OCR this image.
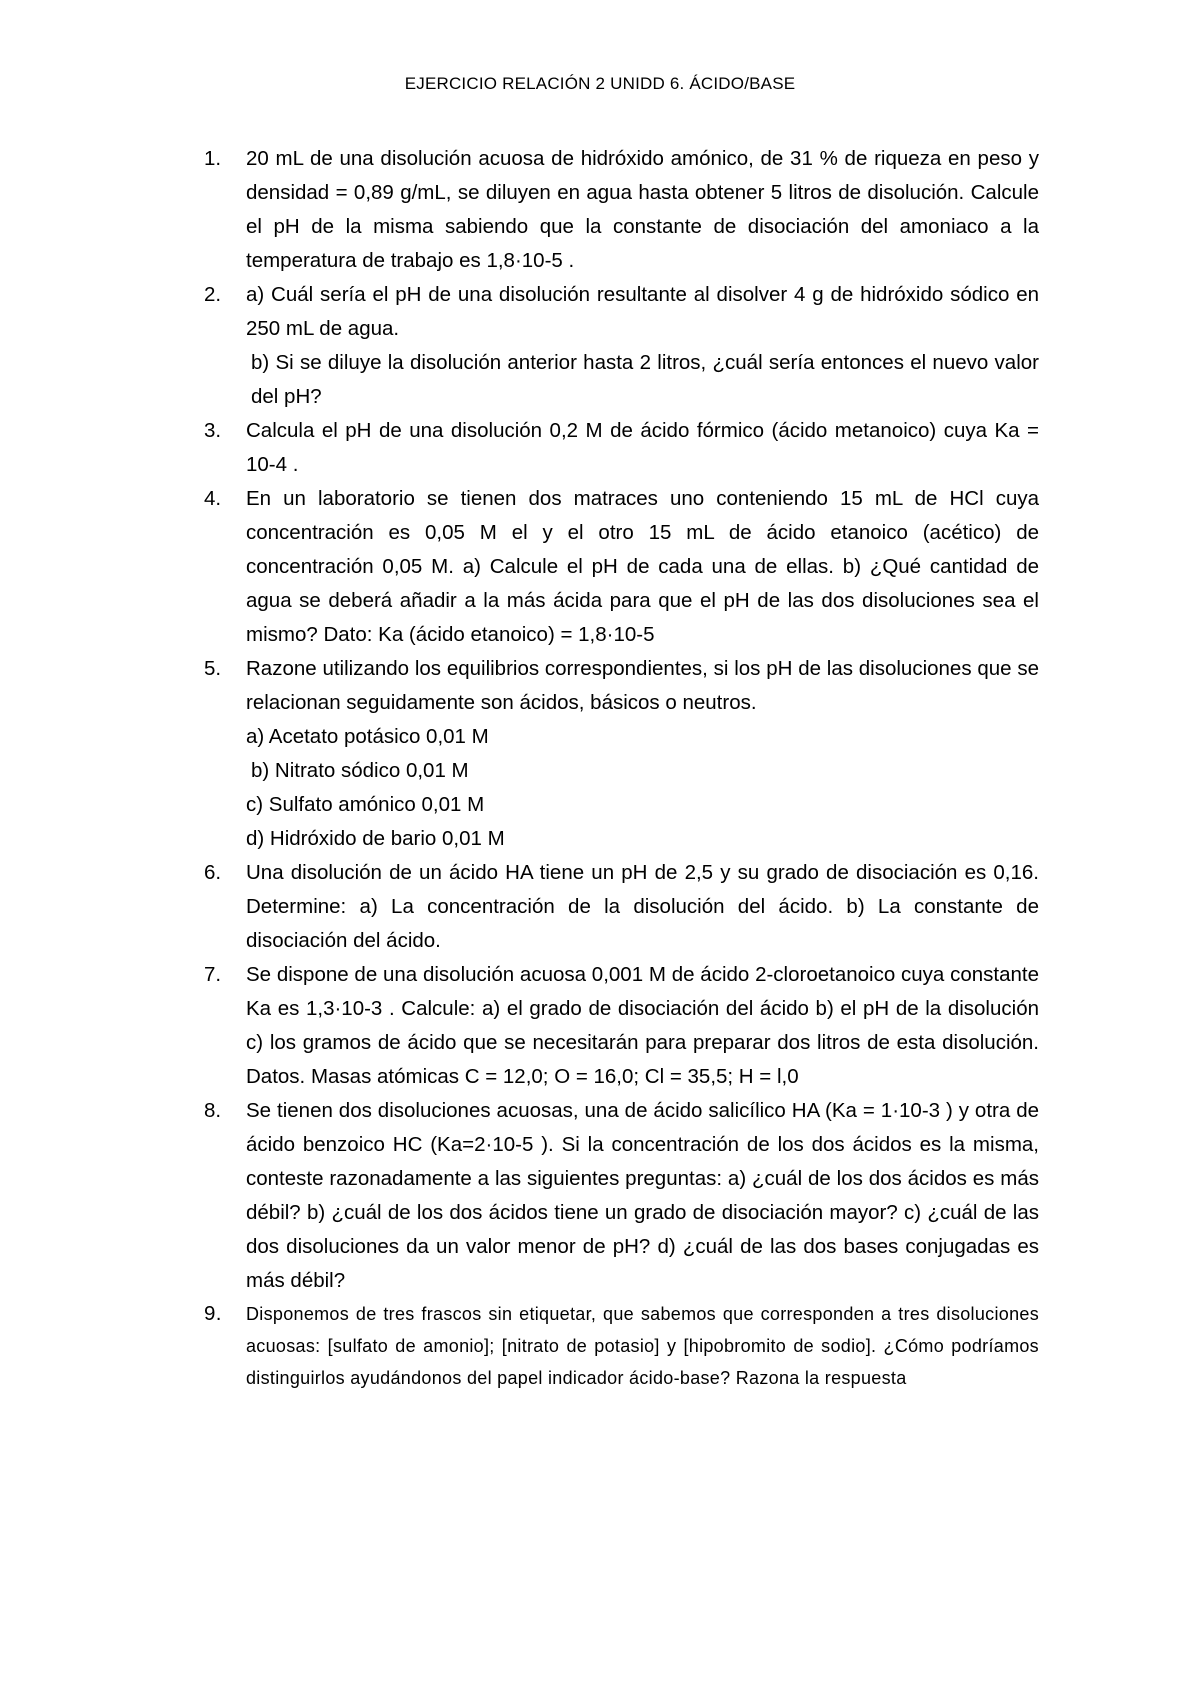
EJERCICIO RELACIÓN 2 UNIDD 6. ÁCIDO/BASE
1. 20 mL de una disolución acuosa de hidróxido amónico, de 31 % de riqueza en peso y densidad = 0,89 g/mL, se diluyen en agua hasta obtener 5 litros de disolución. Calcule el pH de la misma sabiendo que la constante de disociación del amoniaco a la temperatura de trabajo es 1,8·10-5 .
2. a) Cuál sería el pH de una disolución resultante al disolver 4 g de hidróxido sódico en 250 mL de agua.
b) Si se diluye la disolución anterior hasta 2 litros, ¿cuál sería entonces el nuevo valor del pH?
3. Calcula el pH de una disolución 0,2 M de ácido fórmico (ácido metanoico) cuya Ka = 10-4 .
4. En un laboratorio se tienen dos matraces uno conteniendo 15 mL de HCl cuya concentración es 0,05 M el y el otro 15 mL de ácido etanoico (acético) de concentración 0,05 M. a) Calcule el pH de cada una de ellas. b) ¿Qué cantidad de agua se deberá añadir a la más ácida para que el pH de las dos disoluciones sea el mismo? Dato: Ka (ácido etanoico) = 1,8·10-5
5. Razone utilizando los equilibrios correspondientes, si los pH de las disoluciones que se relacionan seguidamente son ácidos, básicos o neutros.
a) Acetato potásico 0,01 M
b) Nitrato sódico 0,01 M
c) Sulfato amónico 0,01 M
d) Hidróxido de bario 0,01 M
6. Una disolución de un ácido HA tiene un pH de 2,5 y su grado de disociación es 0,16. Determine: a) La concentración de la disolución del ácido. b) La constante de disociación del ácido.
7. Se dispone de una disolución acuosa 0,001 M de ácido 2-cloroetanoico cuya constante Ka es 1,3·10-3 . Calcule: a) el grado de disociación del ácido b) el pH de la disolución c) los gramos de ácido que se necesitarán para preparar dos litros de esta disolución. Datos. Masas atómicas C = 12,0; O = 16,0; Cl = 35,5; H = l,0
8. Se tienen dos disoluciones acuosas, una de ácido salicílico HA (Ka = 1·10-3 ) y otra de ácido benzoico HC (Ka=2·10-5 ). Si la concentración de los dos ácidos es la misma, conteste razonadamente a las siguientes preguntas: a) ¿cuál de los dos ácidos es más débil? b) ¿cuál de los dos ácidos tiene un grado de disociación mayor? c) ¿cuál de las dos disoluciones da un valor menor de pH? d) ¿cuál de las dos bases conjugadas es más débil?
9. Disponemos de tres frascos sin etiquetar, que sabemos que corresponden a tres disoluciones acuosas: [sulfato de amonio]; [nitrato de potasio] y [hipobromito de sodio]. ¿Cómo podríamos distinguirlos ayudándonos del papel indicador ácido-base? Razona la respuesta
